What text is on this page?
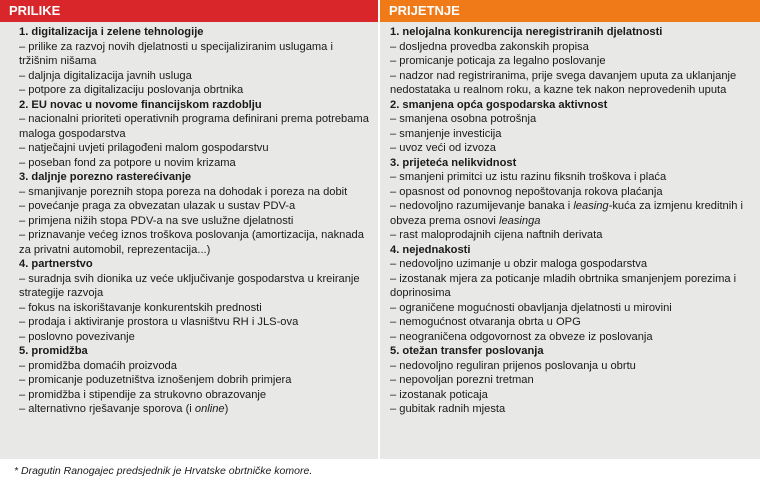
PRILIKE	PRIJETNJE
1. digitalizacija i zelene tehnologije
– prilike za razvoj novih djelatnosti u specijaliziranim uslugama i tržišnim nišama
– daljnja digitalizacija javnih usluga
– potpore za digitalizaciju poslovanja obrtnika
2. EU novac u novome financijskom razdoblju
– nacionalni prioriteti operativnih programa definirani prema potrebama maloga gospodarstva
– natječajni uvjeti prilagođeni malom gospodarstvu
– poseban fond za potpore u novim krizama
3. daljnje porezno rasterećivanje
– smanjivanje poreznih stopa poreza na dohodak i poreza na dobit
– povećanje praga za obvezatan ulazak u sustav PDV-a
– primjena nižih stopa PDV-a na sve uslužne djelatnosti
– priznavanje većeg iznos troškova poslovanja (amortizacija, naknada za privatni automobil, reprezentacija...)
4. partnerstvo
– suradnja svih dionika uz veće uključivanje gospodarstva u kreiranje strategije razvoja
– fokus na iskorištavanje konkurentskih prednosti
– prodaja i aktiviranje prostora u vlasništvu RH i JLS-ova
– poslovno povezivanje
5. promidžba
– promidžba domaćih proizvoda
– promicanje poduzetništva iznošenjem dobrih primjera
– promidžba i stipendije za strukovno obrazovanje
– alternativno rješavanje sporova (i online)
1. nelojalna konkurencija neregistriranih djelatnosti
– dosljedna provedba zakonskih propisa
– promicanje poticaja za legalno poslovanje
– nadzor nad registriranima, prije svega davanjem uputa za uklanjanje nedostataka u realnom roku, a kazne tek nakon neprovedenih uputa
2. smanjena opća gospodarska aktivnost
– smanjena osobna potrošnja
– smanjenje investicija
– uvoz veći od izvoza
3. prijeteća nelikvidnost
– smanjeni primitci uz istu razinu fiksnih troškova i plaća
– opasnost od ponovnog nepoštovanja rokova plaćanja
– nedovoljno razumijevanje banaka i leasing-kuća za izmjenu kreditnih i obveza prema osnovi leasinga
– rast maloprodajnih cijena naftnih derivata
4. nejednakosti
– nedovoljno uzimanje u obzir maloga gospodarstva
– izostanak mjera za poticanje mladih obrtnika smanjenjem porezima i doprinosima
– ograničene mogućnosti obavljanja djelatnosti u mirovini
– nemogućnost otvaranja obrta u OPG
– neograničena odgovornost za obveze iz poslovanja
5. otežan transfer poslovanja
– nedovoljno reguliran prijenos poslovanja u obrtu
– nepovoljan porezni tretman
– izostanak poticaja
– gubitak radnih mjesta
* Dragutin Ranogajec predsjednik je Hrvatske obrtničke komore.
